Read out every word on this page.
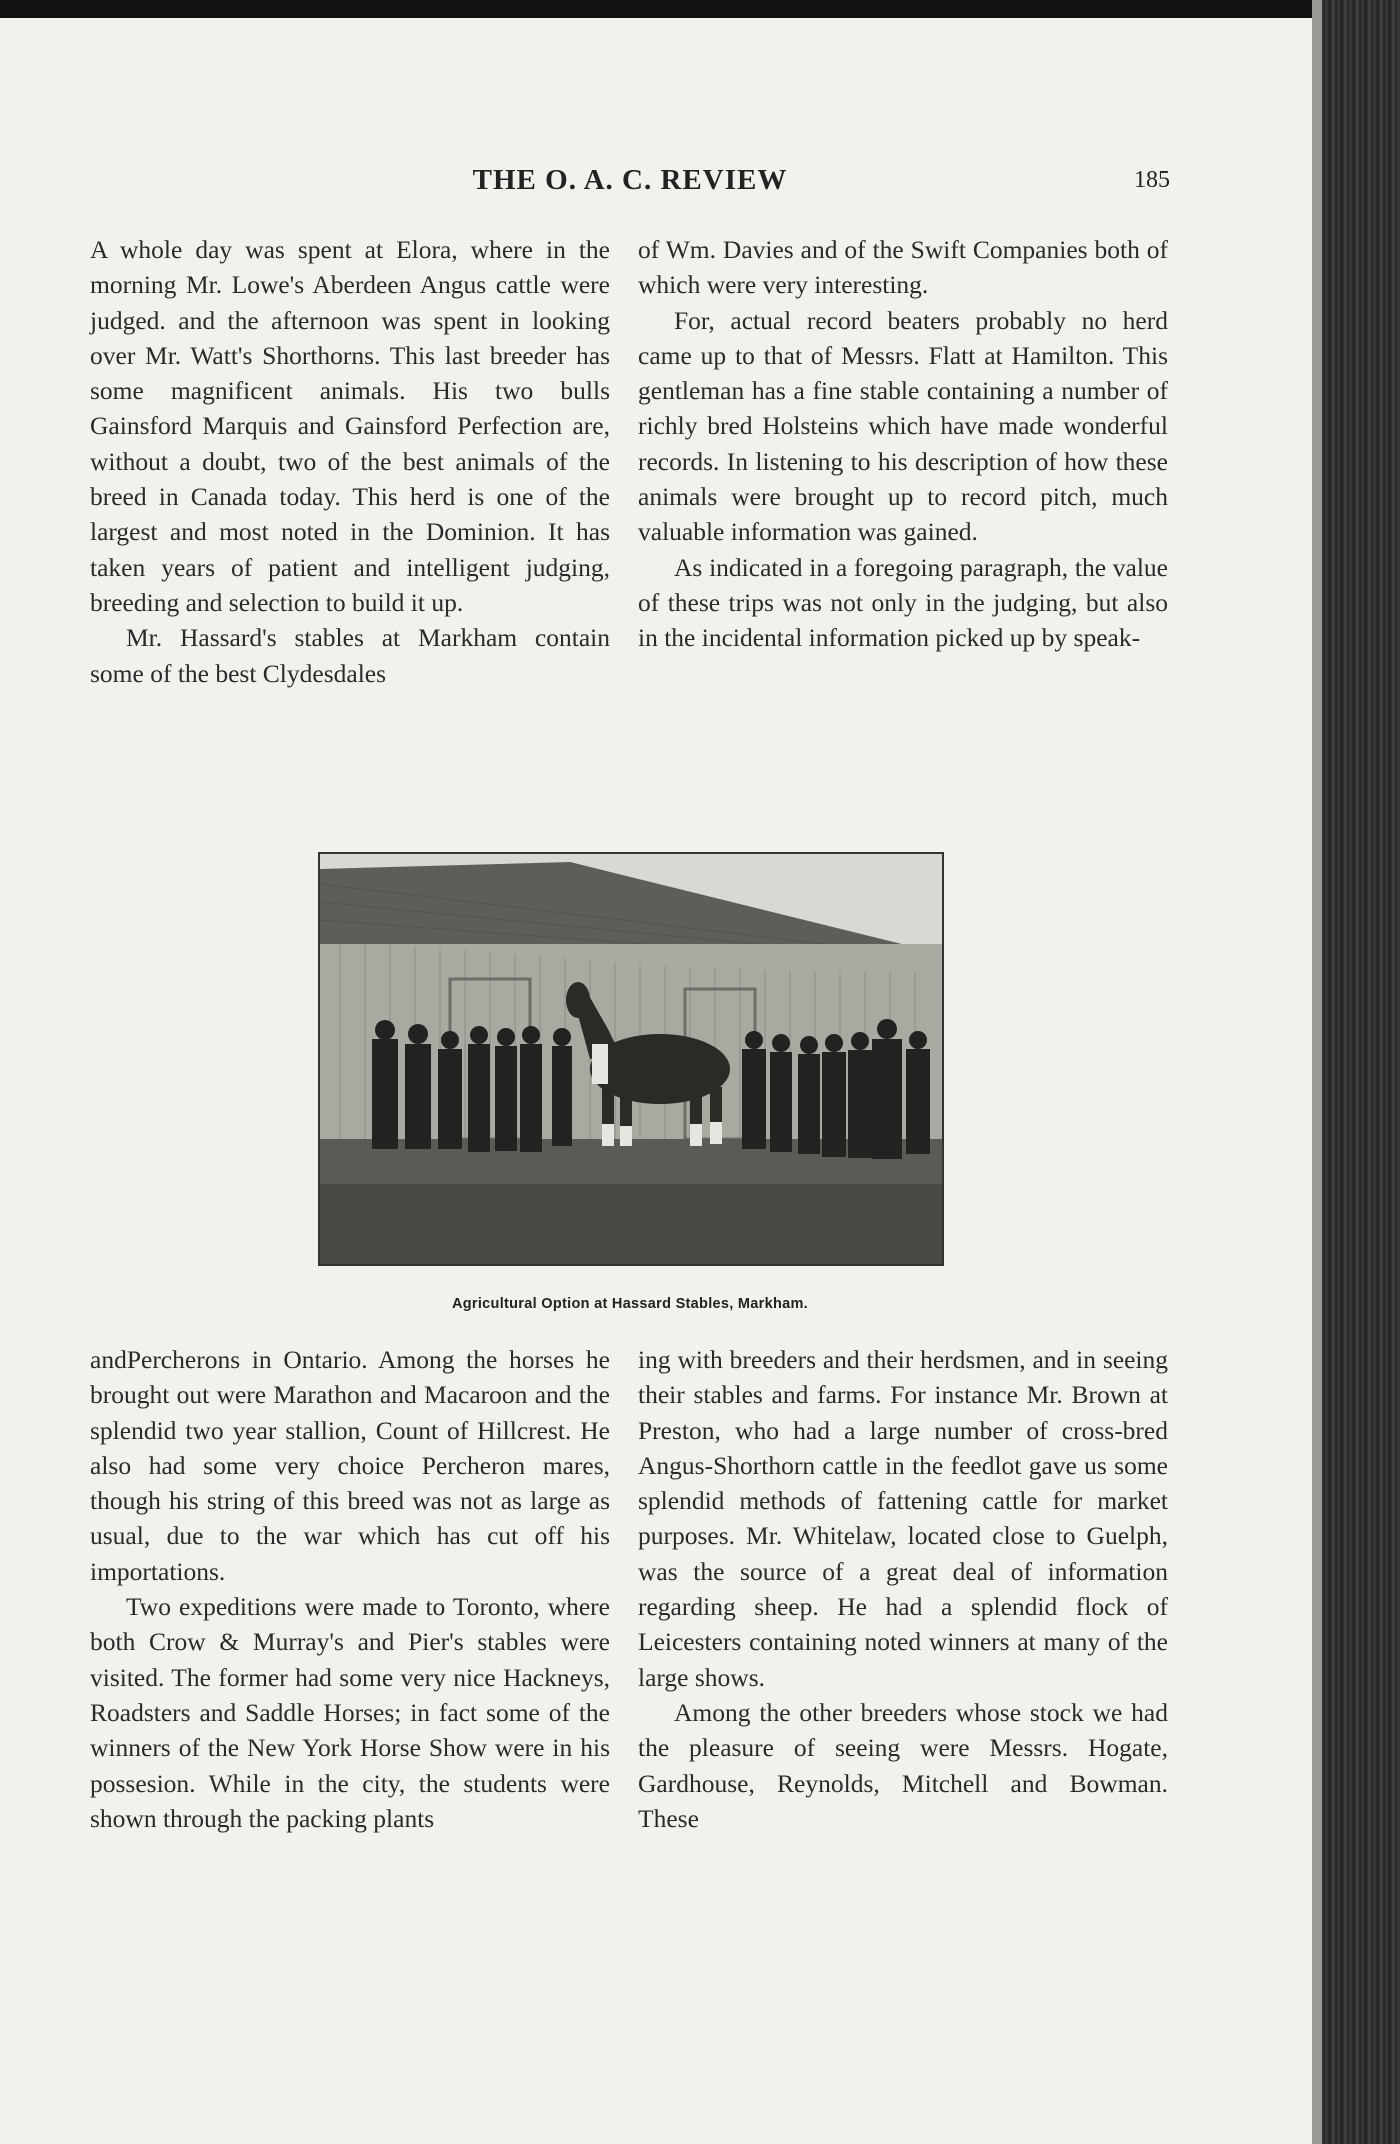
THE O. A. C. REVIEW	185

A whole day was spent at Elora, where in the morning Mr. Lowe's Aberdeen Angus cattle were judged. and the afternoon was spent in looking over Mr. Watt's Shorthorns. This last breeder has some magnificent animals. His two bulls Gainsford Marquis and Gainsford Perfection are, without a doubt, two of the best animals of the breed in Canada today. This herd is one of the largest and most noted in the Dominion. It has taken years of patient and intelligent judging, breeding and selection to build it up.

Mr. Hassard's stables at Markham contain some of the best Clydesdales

of Wm. Davies and of the Swift Companies both of which were very interesting.

For, actual record beaters probably no herd came up to that of Messrs. Flatt at Hamilton. This gentleman has a fine stable containing a number of richly bred Holsteins which have made wonderful records. In listening to his description of how these animals were brought up to record pitch, much valuable information was gained.

As indicated in a foregoing paragraph, the value of these trips was not only in the judging, but also in the incidental information picked up by speak-

Agricultural Option at Hassard Stables, Markham.

andPercherons in Ontario. Among the horses he brought out were Marathon and Macaroon and the splendid two year stallion, Count of Hillcrest. He also had some very choice Percheron mares, though his string of this breed was not as large as usual, due to the war which has cut off his importations.

Two expeditions were made to Toronto, where both Crow & Murray's and Pier's stables were visited. The former had some very nice Hackneys, Roadsters and Saddle Horses; in fact some of the winners of the New York Horse Show were in his possesion. While in the city, the students were shown through the packing plants

ing with breeders and their herdsmen, and in seeing their stables and farms. For instance Mr. Brown at Preston, who had a large number of cross-bred Angus-Shorthorn cattle in the feedlot gave us some splendid methods of fattening cattle for market purposes. Mr. Whitelaw, located close to Guelph, was the source of a great deal of information regarding sheep. He had a splendid flock of Leicesters containing noted winners at many of the large shows.

Among the other breeders whose stock we had the pleasure of seeing were Messrs. Hogate, Gardhouse, Reynolds, Mitchell and Bowman. These
